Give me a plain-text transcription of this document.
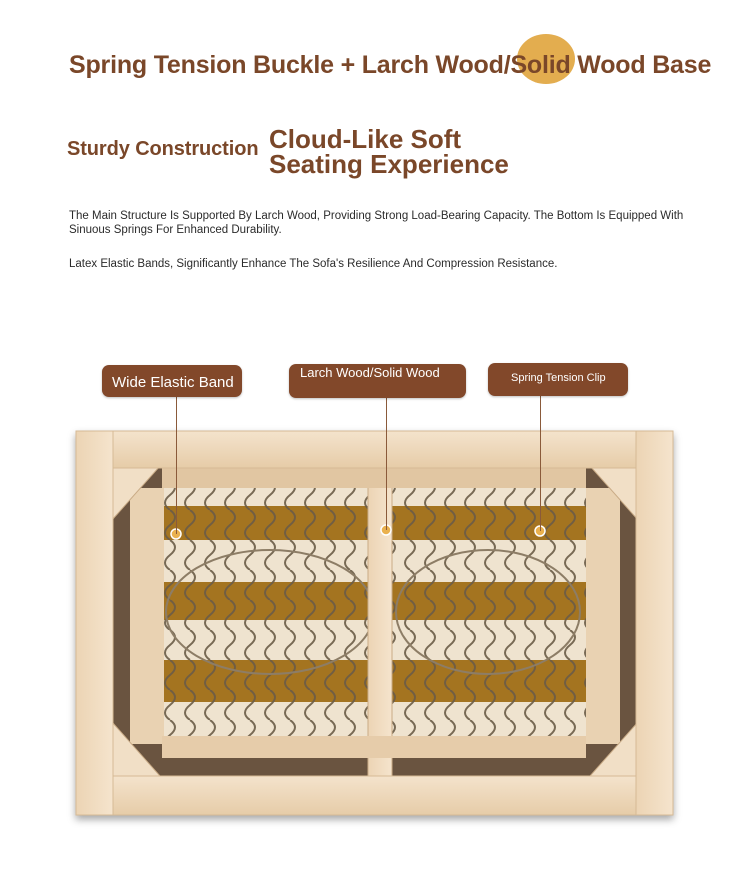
Spring Tension Buckle + Larch Wood/Solid Wood Base
Sturdy Construction Cloud-Like Soft Seating Experience

The Main Structure Is Supported By Larch Wood, Providing Strong Load-Bearing Capacity. The Bottom Is Equipped With Sinuous Springs For Enhanced Durability.

Latex Elastic Bands, Significantly Enhance The Sofa's Resilience And Compression Resistance.

Wide Elastic Band
Larch Wood/Solid Wood	Spring Tension Clip
